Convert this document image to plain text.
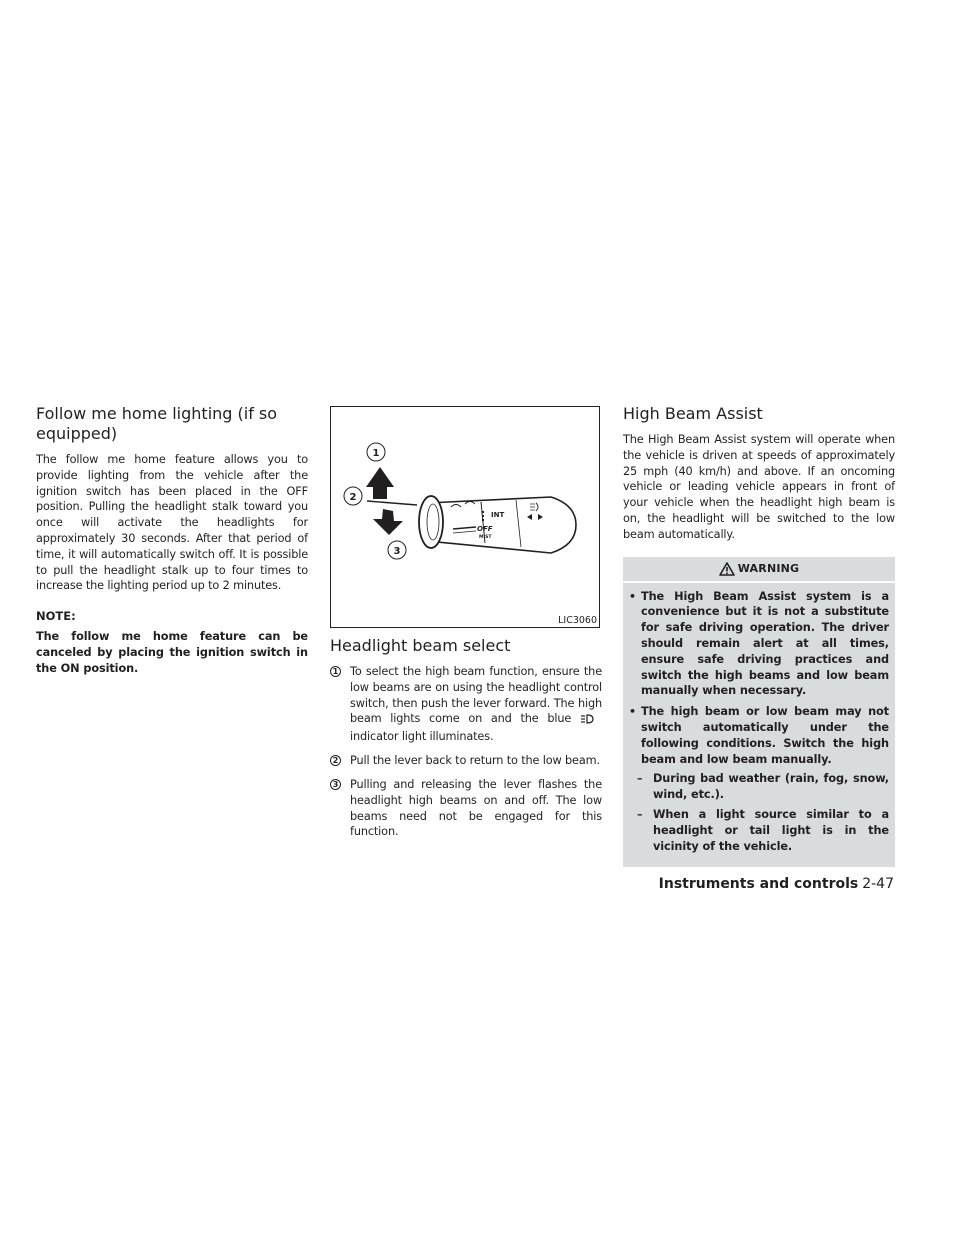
Follow me home lighting (if so equipped)

The follow me home feature allows you to provide lighting from the vehicle after the ignition switch has been placed in the OFF position. Pulling the headlight stalk toward you once will activate the headlights for approximately 30 seconds. After that period of time, it will automatically switch off. It is possible to pull the headlight stalk up to four times to increase the lighting period up to 2 minutes.

NOTE:

The follow me home feature can be canceled by placing the ignition switch in the ON position.

INT
OFF
MIST
1
2
3
LIC3060
Headlight beam select
1 To select the high beam function, ensure the low beams are on using the headlight control switch, then push the lever forward. The high beam lights come on and the blue  indicator light illuminates.

2 Pull the lever back to return to the low beam.

3 Pulling and releasing the lever flashes the headlight high beams on and off. The low beams need not be engaged for this function.

High Beam Assist

The High Beam Assist system will operate when the vehicle is driven at speeds of approximately 25 mph (40 km/h) and above. If an oncoming vehicle or leading vehicle appears in front of your vehicle when the headlight high beam is on, the headlight will be switched to the low beam automatically.

WARNING
• The High Beam Assist system is a convenience but it is not a substitute for safe driving operation. The driver should remain alert at all times, ensure safe driving practices and switch the high beams and low beam manually when necessary.
• The high beam or low beam may not switch automatically under the following conditions. Switch the high beam and low beam manually.
– During bad weather (rain, fog, snow, wind, etc.).
– When a light source similar to a headlight or tail light is in the vicinity of the vehicle.
Instruments and controls 2-47
